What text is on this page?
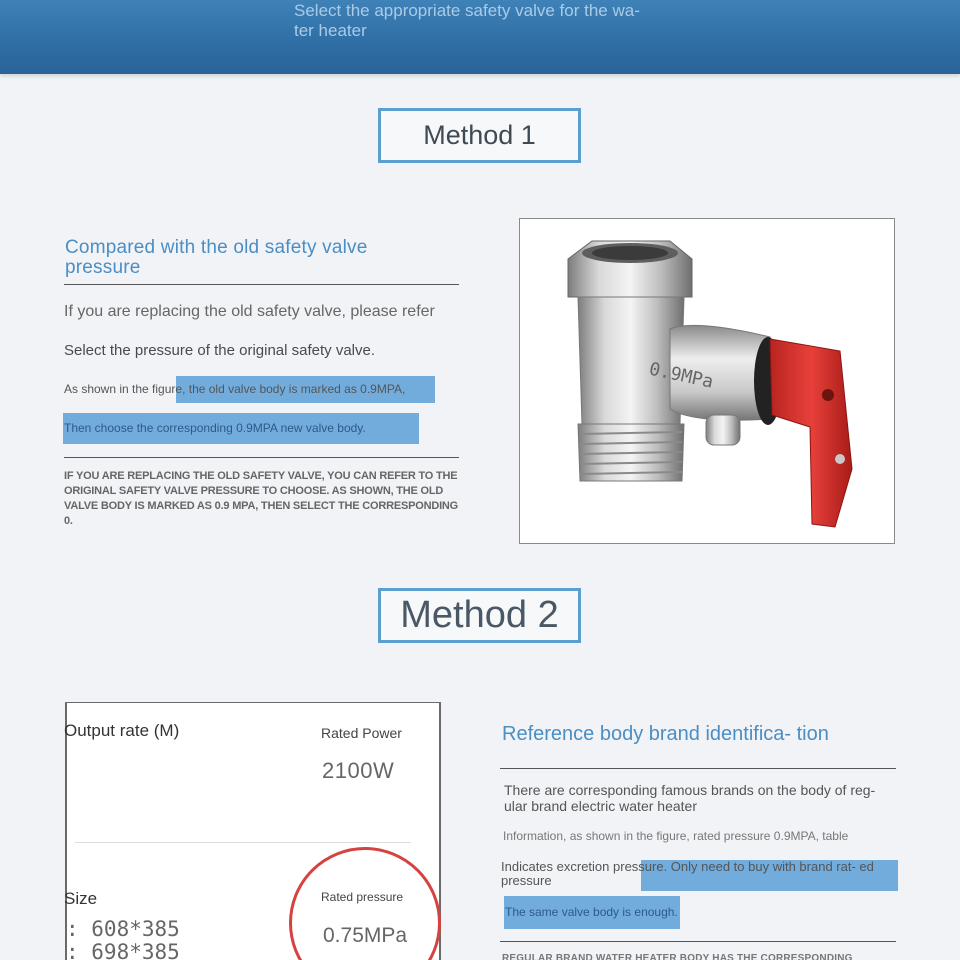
Select the appropriate safety valve for the wa- ter heater
Method 1
Compared with the old safety valve pressure
If you are replacing the old safety valve, please refer
Select the pressure of the original safety valve.
As shown in the figure, the old valve body is marked as 0.9MPA,
Then choose the corresponding 0.9MPA new valve body.
IF YOU ARE REPLACING THE OLD SAFETY VALVE, YOU CAN REFER TO THE ORIGINAL SAFETY VALVE PRESSURE TO CHOOSE. AS SHOWN, THE OLD VALVE BODY IS MARKED AS 0.9 MPA, THEN SELECT THE CORRESPONDING 0.
0.9MPa
Method 2
Output rate (M)	Rated Power
2100W
Size	Rated pressure
0.75MPa
: 608*385
: 698*385
Reference body brand identifica- tion
There are corresponding famous brands on the body of reg- ular brand electric water heater
Information, as shown in the figure, rated pressure 0.9MPA, table
Indicates excretion pressure. Only need to buy with brand rat- ed pressure
The same valve body is enough.
REGULAR BRAND WATER HEATER BODY HAS THE CORRESPONDING
